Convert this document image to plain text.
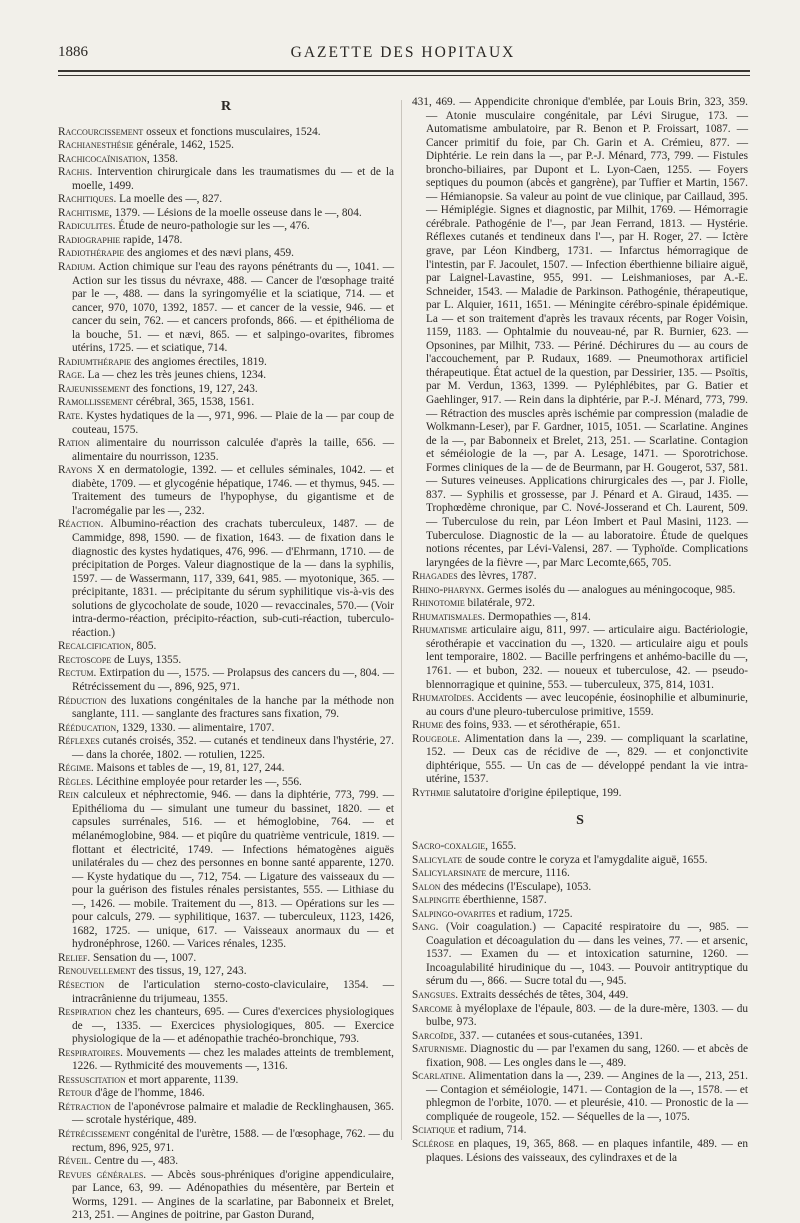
1886	GAZETTE DES HOPITAUX
R

Raccourcissement osseux et fonctions musculaires, 1524.

Rachianesthésie générale, 1462, 1525.

Rachicocaïnisation, 1358.

Rachis. Intervention chirurgicale dans les traumatismes du — et de la moelle, 1499.

Rachitiques. La moelle des —, 827.

Rachitisme, 1379. — Lésions de la moelle osseuse dans le —, 804.

Radiculites. Étude de neuro-pathologie sur les —, 476.

Radiographie rapide, 1478.

Radiothérapie des angiomes et des nævi plans, 459.

Radium. Action chimique sur l'eau des rayons pénétrants du —, 1041. — Action sur les tissus du névraxe, 488. — Cancer de l'œsophage traité par le —, 488. — dans la syringomyélie et la sciatique, 714. — et cancer, 970, 1070, 1392, 1857. — et cancer de la vessie, 946. — et cancer du sein, 762. — et cancers profonds, 866. — et épithélioma de la bouche, 51. — et nævi, 865. — et salpingo-ovarites, fibromes utérins, 1725. — et sciatique, 714.

Radiumthérapie des angiomes érectiles, 1819.

Rage. La — chez les très jeunes chiens, 1234.

Rajeunissement des fonctions, 19, 127, 243.

Ramollissement cérébral, 365, 1538, 1561.

Rate. Kystes hydatiques de la —, 971, 996. — Plaie de la — par coup de couteau, 1575.

Ration alimentaire du nourrisson calculée d'après la taille, 656. — alimentaire du nourrisson, 1235.

Rayons X en dermatologie, 1392. — et cellules séminales, 1042. — et diabète, 1709. — et glycogénie hépatique, 1746. — et thymus, 945. — Traitement des tumeurs de l'hypophyse, du gigantisme et de l'acromégalie par les —, 232.

Réaction. Albumino-réaction des crachats tuberculeux, 1487. — de Cammidge, 898, 1590. — de fixation, 1643. — de fixation dans le diagnostic des kystes hydatiques, 476, 996. — d'Ehrmann, 1710. — de précipitation de Porges. Valeur diagnostique de la — dans la syphilis, 1597. — de Wassermann, 117, 339, 641, 985. — myotonique, 365. — précipitante, 1831. — précipitante du sérum syphilitique vis-à-vis des solutions de glycocholate de soude, 1020 — revaccinales, 570.— (Voir intra-dermo-réaction, précipito-réaction, sub-cuti-réaction, tuberculo-réaction.)

Recalcification, 805.

Rectoscope de Luys, 1355.

Rectum. Extirpation du —, 1575. — Prolapsus des cancers du —, 804. — Rétrécissement du —, 896, 925, 971.

Réduction des luxations congénitales de la hanche par la méthode non sanglante, 111. — sanglante des fractures sans fixation, 79.

Rééducation, 1329, 1330. — alimentaire, 1707.

Réflexes cutanés croisés, 352. — cutanés et tendineux dans l'hystérie, 27. — dans la chorée, 1802. — rotulien, 1225.

Régime. Maisons et tables de —, 19, 81, 127, 244.

Règles. Lécithine employée pour retarder les —, 556.

Rein calculeux et néphrectomie, 946. — dans la diphtérie, 773, 799. — Epithélioma du — simulant une tumeur du bassinet, 1820. — et capsules surrénales, 516. — et hémoglobine, 764. — et mélanémoglobine, 984. — et piqûre du quatrième ventricule, 1819. — flottant et électricité, 1749. — Infections hématogènes aiguës unilatérales du — chez des personnes en bonne santé apparente, 1270. — Kyste hydatique du —, 712, 754. — Ligature des vaisseaux du — pour la guérison des fistules rénales persistantes, 555. — Lithiase du —, 1426. — mobile. Traitement du —, 813. — Opérations sur les — pour calculs, 279. — syphilitique, 1637. — tuberculeux, 1123, 1426, 1682, 1725. — unique, 617. — Vaisseaux anormaux du — et hydronéphrose, 1260. — Varices rénales, 1235.

Relief. Sensation du —, 1007.

Renouvellement des tissus, 19, 127, 243.

Résection de l'articulation sterno-costo-claviculaire, 1354. — intracrânienne du trijumeau, 1355.

Respiration chez les chanteurs, 695. — Cures d'exercices physiologiques de —, 1335. — Exercices physiologiques, 805. — Exercice physiologique de la — et adénopathie trachéo-bronchique, 793.

Respiratoires. Mouvements — chez les malades atteints de tremblement, 1226. — Rythmicité des mouvements —, 1316.

Ressuscitation et mort apparente, 1139.

Retour d'âge de l'homme, 1846.

Rétraction de l'aponévrose palmaire et maladie de Recklinghausen, 365. — scrotale hystérique, 489.

Rétrécissement congénital de l'urètre, 1588. — de l'œsophage, 762. — du rectum, 896, 925, 971.

Réveil. Centre du —, 483.

Revues générales. — Abcès sous-phréniques d'origine appendiculaire, par Lance, 63, 99. — Adénopathies du mésentère, par Bertein et Worms, 1291. — Angines de la scarlatine, par Babonneix et Brelet, 213, 251. — Angines de poitrine, par Gaston Durand,

431, 469. — Appendicite chronique d'emblée, par Louis Brin, 323, 359. — Atonie musculaire congénitale, par Lévi Sirugue, 173. — Automatisme ambulatoire, par R. Benon et P. Froissart, 1087. — Cancer primitif du foie, par Ch. Garin et A. Crémieu, 877. — Diphtérie. Le rein dans la —, par P.-J. Ménard, 773, 799. — Fistules broncho-biliaires, par Dupont et L. Lyon-Caen, 1255. — Foyers septiques du poumon (abcès et gangrène), par Tuffier et Martin, 1567. — Hémianopsie. Sa valeur au point de vue clinique, par Caillaud, 395. — Hémiplégie. Signes et diagnostic, par Milhit, 1769. — Hémorragie cérébrale. Pathogénie de l'—, par Jean Ferrand, 1813. — Hystérie. Réflexes cutanés et tendineux dans l'—, par H. Roger, 27. — Ictère grave, par Léon Kindberg, 1731. — Infarctus hémorragique de l'intestin, par F. Jacoulet, 1507. — Infection éberthienne biliaire aiguë, par Laignel-Lavastine, 955, 991. — Leishmanioses, par A.-E. Schneider, 1543. — Maladie de Parkinson. Pathogénie, thérapeutique, par L. Alquier, 1611, 1651. — Méningite cérébro-spinale épidémique. La — et son traitement d'après les travaux récents, par Roger Voisin, 1159, 1183. — Ophtalmie du nouveau-né, par R. Burnier, 623. — Opsonines, par Milhit, 733. — Périné. Déchirures du — au cours de l'accouchement, par P. Rudaux, 1689. — Pneumothorax artificiel thérapeutique. État actuel de la question, par Dessirier, 135. — Psoïtis, par M. Verdun, 1363, 1399. — Pyléphlébites, par G. Batier et Gaehlinger, 917. — Rein dans la diphtérie, par P.-J. Ménard, 773, 799. — Rétraction des muscles après ischémie par compression (maladie de Wolkmann-Leser), par F. Gardner, 1015, 1051. — Scarlatine. Angines de la —, par Babonneix et Brelet, 213, 251. — Scarlatine. Contagion et séméiologie de la —, par A. Lesage, 1471. — Sporotrichose. Formes cliniques de la — de de Beurmann, par H. Gougerot, 537, 581. — Sutures veineuses. Applications chirurgicales des —, par J. Fiolle, 837. — Syphilis et grossesse, par J. Pénard et A. Giraud, 1435. — Trophœdème chronique, par C. Nové-Josserand et Ch. Laurent, 509. — Tuberculose du rein, par Léon Imbert et Paul Masini, 1123. — Tuberculose. Diagnostic de la — au laboratoire. Étude de quelques notions récentes, par Lévi-Valensi, 287. — Typhoïde. Complications laryngées de la fièvre —, par Marc Lecomte,665, 705.

Rhagades des lèvres, 1787.

Rhino-pharynx. Germes isolés du — analogues au méningocoque, 985.

Rhinotomie bilatérale, 972.

Rhumatismales. Dermopathies —, 814.

Rhumatisme articulaire aigu, 811, 997. — articulaire aigu. Bactériologie, sérothérapie et vaccination du —, 1320. — articulaire aigu et pouls lent temporaire, 1802. — Bacille perfringens et anhémo-bacille du —, 1761. — et bubon, 232. — noueux et tuberculose, 42. — pseudo-blennorragique et quinine, 553. — tuberculeux, 375, 814, 1031.

Rhumatoïdes. Accidents — avec leucopénie, éosinophilie et albuminurie, au cours d'une pleuro-tuberculose primitive, 1559.

Rhume des foins, 933. — et sérothérapie, 651.

Rougeole. Alimentation dans la —, 239. — compliquant la scarlatine, 152. — Deux cas de récidive de —, 829. — et conjonctivite diphtérique, 555. — Un cas de — développé pendant la vie intra-utérine, 1537.

Rythmie salutatoire d'origine épileptique, 199.

S

Sacro-coxalgie, 1655.

Salicylate de soude contre le coryza et l'amygdalite aiguë, 1655.

Salicylarsinate de mercure, 1116.

Salon des médecins (l'Esculape), 1053.

Salpingite éberthienne, 1587.

Salpingo-ovarites et radium, 1725.

Sang. (Voir coagulation.) — Capacité respiratoire du —, 985. — Coagulation et décoagulation du — dans les veines, 77. — et arsenic, 1537. — Examen du — et intoxication saturnine, 1260. — Incoagulabilité hirudinique du —, 1043. — Pouvoir antitryptique du sérum du —, 866. — Sucre total du —, 945.

Sangsues. Extraits desséchés de têtes, 304, 449.

Sarcome à myéloplaxe de l'épaule, 803. — de la dure-mère, 1303. — du bulbe, 973.

Sarcoïde, 337. — cutanées et sous-cutanées, 1391.

Saturnisme. Diagnostic du — par l'examen du sang, 1260. — et abcès de fixation, 908. — Les ongles dans le —, 489.

Scarlatine. Alimentation dans la —, 239. — Angines de la —, 213, 251. — Contagion et séméiologie, 1471. — Contagion de la —, 1578. — et phlegmon de l'orbite, 1070. — et pleurésie, 410. — Pronostic de la — compliquée de rougeole, 152. — Séquelles de la —, 1075.

Sciatique et radium, 714.

Sclérose en plaques, 19, 365, 868. — en plaques infantile, 489. — en plaques. Lésions des vaisseaux, des cylindraxes et de la
